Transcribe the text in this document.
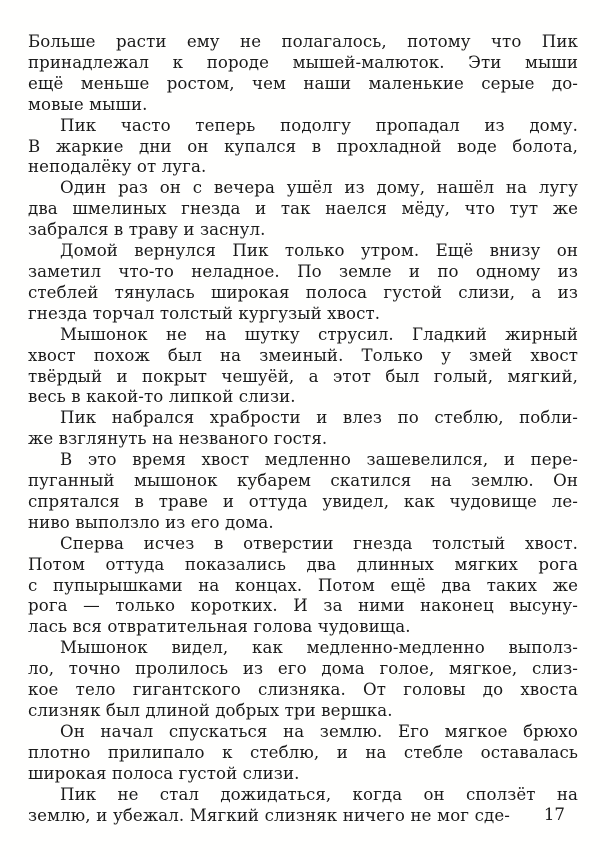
Больше расти ему не полагалось, потому что Пик
принадлежал к породе мышей-малюток. Эти мыши
ещё меньше ростом, чем наши маленькие серые до-
мовые мыши.
Пик часто теперь подолгу пропадал из дому.
В жаркие дни он купался в прохладной воде болота,
неподалёку от луга.
Один раз он с вечера ушёл из дому, нашёл на лугу
два шмелиных гнезда и так наелся мёду, что тут же
забрался в траву и заснул.
Домой вернулся Пик только утром. Ещё внизу он
заметил что-то неладное. По земле и по одному из
стеблей тянулась широкая полоса густой слизи, а из
гнезда торчал толстый кургузый хвост.
Мышонок не на шутку струсил. Гладкий жирный
хвост похож был на змеиный. Только у змей хвост
твёрдый и покрыт чешуёй, а этот был голый, мягкий,
весь в какой-то липкой слизи.
Пик набрался храбрости и влез по стеблю, побли-
же взглянуть на незваного гостя.
В это время хвост медленно зашевелился, и пере-
пуганный мышонок кубарем скатился на землю. Он
спрятался в траве и оттуда увидел, как чудовище ле-
ниво выползло из его дома.
Сперва исчез в отверстии гнезда толстый хвост.
Потом оттуда показались два длинных мягких рога
с пупырышками на концах. Потом ещё два таких же
рога — только коротких. И за ними наконец высуну-
лась вся отвратительная голова чудовища.
Мышонок видел, как медленно-медленно выполз-
ло, точно пролилось из его дома голое, мягкое, слиз-
кое тело гигантского слизняка. От головы до хвоста
слизняк был длиной добрых три вершка.
Он начал спускаться на землю. Его мягкое брюхо
плотно прилипало к стеблю, и на стебле оставалась
широкая полоса густой слизи.
Пик не стал дожидаться, когда он сползёт на
землю, и убежал. Мягкий слизняк ничего не мог сде-	17
